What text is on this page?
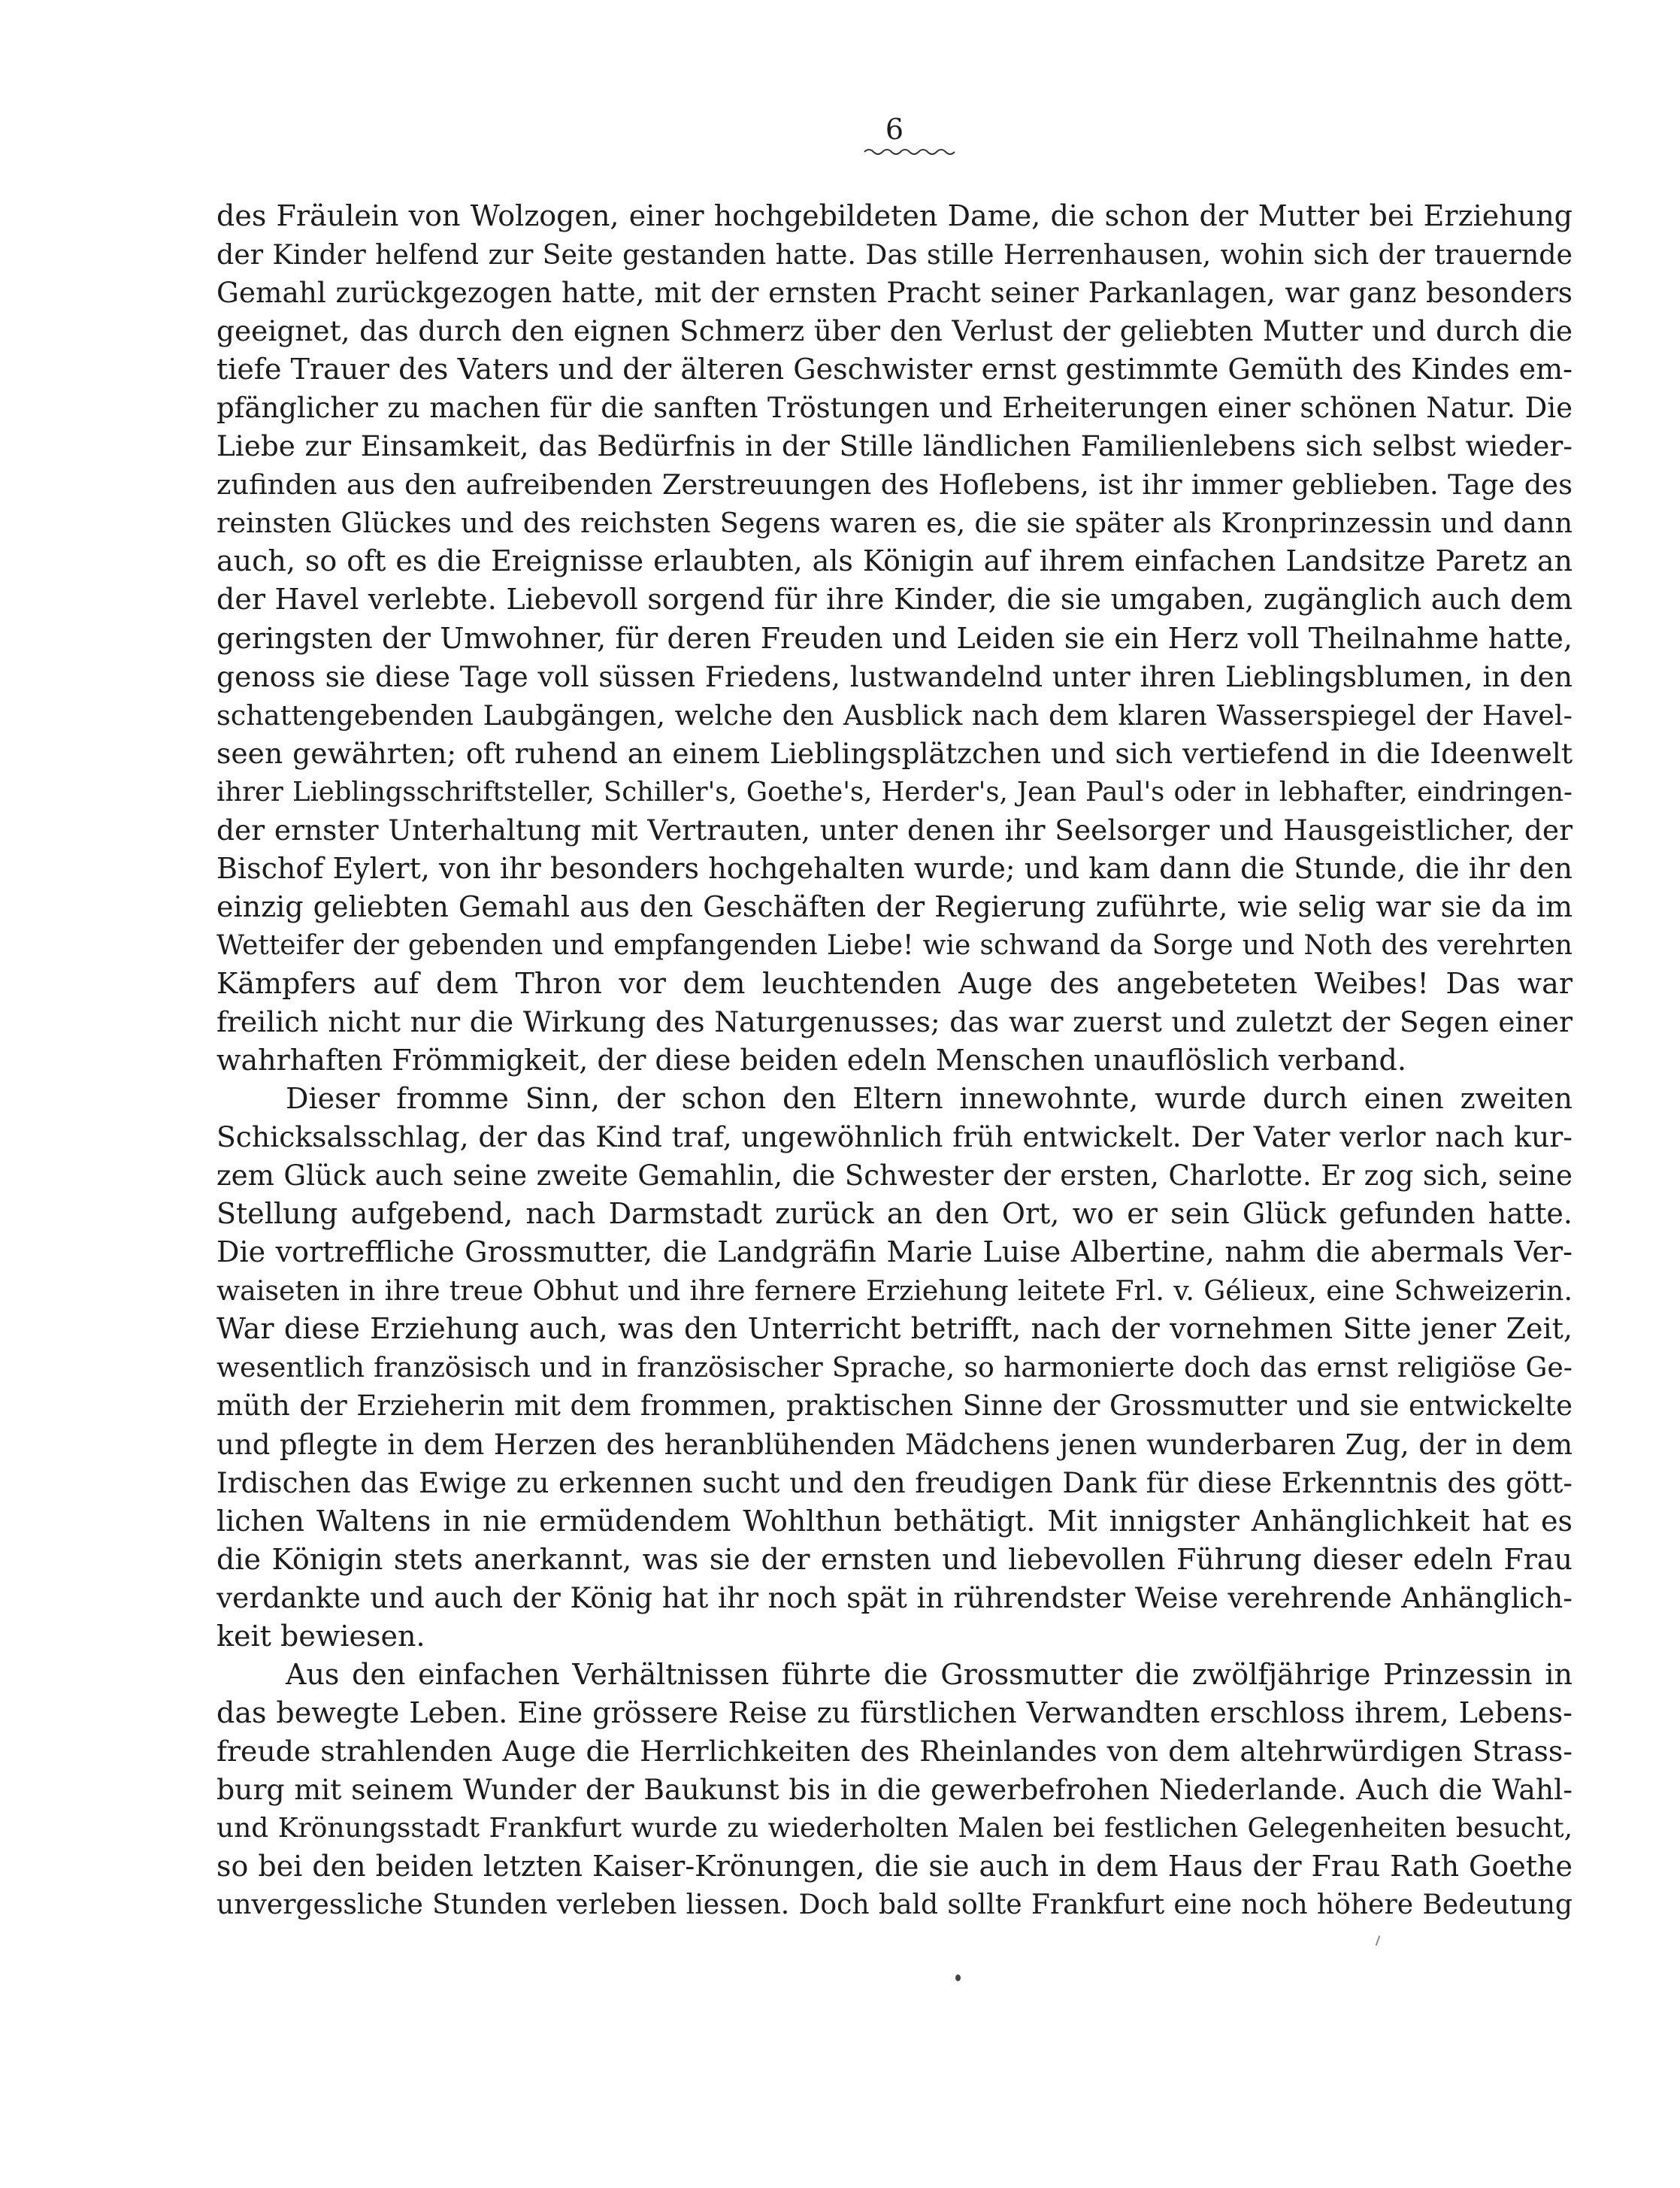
6
des Fräulein von Wolzogen, einer hochgebildeten Dame, die schon der Mutter bei Erziehung
der Kinder helfend zur Seite gestanden hatte. Das stille Herrenhausen, wohin sich der trauernde
Gemahl zurückgezogen hatte, mit der ernsten Pracht seiner Parkanlagen, war ganz besonders
geeignet, das durch den eignen Schmerz über den Verlust der geliebten Mutter und durch die
tiefe Trauer des Vaters und der älteren Geschwister ernst gestimmte Gemüth des Kindes em-
pfänglicher zu machen für die sanften Tröstungen und Erheiterungen einer schönen Natur. Die
Liebe zur Einsamkeit, das Bedürfnis in der Stille ländlichen Familienlebens sich selbst wieder-
zufinden aus den aufreibenden Zerstreuungen des Hoflebens, ist ihr immer geblieben. Tage des
reinsten Glückes und des reichsten Segens waren es, die sie später als Kronprinzessin und dann
auch, so oft es die Ereignisse erlaubten, als Königin auf ihrem einfachen Landsitze Paretz an
der Havel verlebte. Liebevoll sorgend für ihre Kinder, die sie umgaben, zugänglich auch dem
geringsten der Umwohner, für deren Freuden und Leiden sie ein Herz voll Theilnahme hatte,
genoss sie diese Tage voll süssen Friedens, lustwandelnd unter ihren Lieblingsblumen, in den
schattengebenden Laubgängen, welche den Ausblick nach dem klaren Wasserspiegel der Havel-
seen gewährten; oft ruhend an einem Lieblingsplätzchen und sich vertiefend in die Ideenwelt
ihrer Lieblingsschriftsteller, Schiller's, Goethe's, Herder's, Jean Paul's oder in lebhafter, eindringen-
der ernster Unterhaltung mit Vertrauten, unter denen ihr Seelsorger und Hausgeistlicher, der
Bischof Eylert, von ihr besonders hochgehalten wurde; und kam dann die Stunde, die ihr den
einzig geliebten Gemahl aus den Geschäften der Regierung zuführte, wie selig war sie da im
Wetteifer der gebenden und empfangenden Liebe! wie schwand da Sorge und Noth des verehrten
Kämpfers auf dem Thron vor dem leuchtenden Auge des angebeteten Weibes! Das war
freilich nicht nur die Wirkung des Naturgenusses; das war zuerst und zuletzt der Segen einer
wahrhaften Frömmigkeit, der diese beiden edeln Menschen unauflöslich verband.
Dieser fromme Sinn, der schon den Eltern innewohnte, wurde durch einen zweiten
Schicksalsschlag, der das Kind traf, ungewöhnlich früh entwickelt. Der Vater verlor nach kur-
zem Glück auch seine zweite Gemahlin, die Schwester der ersten, Charlotte. Er zog sich, seine
Stellung aufgebend, nach Darmstadt zurück an den Ort, wo er sein Glück gefunden hatte.
Die vortreffliche Grossmutter, die Landgräfin Marie Luise Albertine, nahm die abermals Ver-
waiseten in ihre treue Obhut und ihre fernere Erziehung leitete Frl. v. Gélieux, eine Schweizerin.
War diese Erziehung auch, was den Unterricht betrifft, nach der vornehmen Sitte jener Zeit,
wesentlich französisch und in französischer Sprache, so harmonierte doch das ernst religiöse Ge-
müth der Erzieherin mit dem frommen, praktischen Sinne der Grossmutter und sie entwickelte
und pflegte in dem Herzen des heranblühenden Mädchens jenen wunderbaren Zug, der in dem
Irdischen das Ewige zu erkennen sucht und den freudigen Dank für diese Erkenntnis des gött-
lichen Waltens in nie ermüdendem Wohlthun bethätigt. Mit innigster Anhänglichkeit hat es
die Königin stets anerkannt, was sie der ernsten und liebevollen Führung dieser edeln Frau
verdankte und auch der König hat ihr noch spät in rührendster Weise verehrende Anhänglich-
keit bewiesen.
Aus den einfachen Verhältnissen führte die Grossmutter die zwölfjährige Prinzessin in
das bewegte Leben. Eine grössere Reise zu fürstlichen Verwandten erschloss ihrem, Lebens-
freude strahlenden Auge die Herrlichkeiten des Rheinlandes von dem altehrwürdigen Strass-
burg mit seinem Wunder der Baukunst bis in die gewerbefrohen Niederlande. Auch die Wahl-
und Krönungsstadt Frankfurt wurde zu wiederholten Malen bei festlichen Gelegenheiten besucht,
so bei den beiden letzten Kaiser-Krönungen, die sie auch in dem Haus der Frau Rath Goethe
unvergessliche Stunden verleben liessen. Doch bald sollte Frankfurt eine noch höhere Bedeutung
